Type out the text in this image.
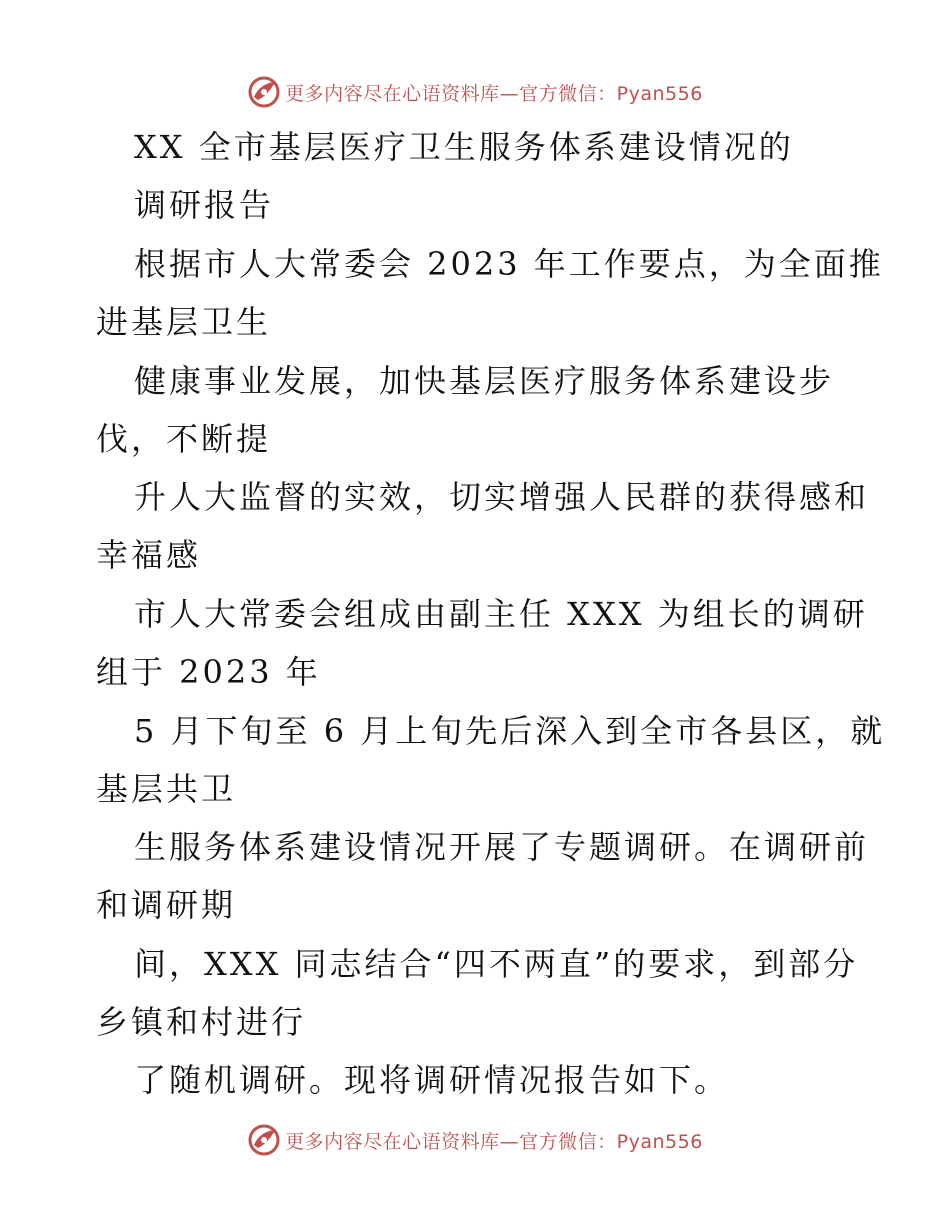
更多内容尽在心语资料库—官方微信：Pyan556
XX 全市基层医疗卫生服务体系建设情况的
调研报告
根据市人大常委会 2023 年工作要点，为全面推
进基层卫生
健康事业发展，加快基层医疗服务体系建设步
伐，不断提
升人大监督的实效，切实增强人民群的获得感和
幸福感
市人大常委会组成由副主任 XXX 为组长的调研
组于 2023 年
5 月下旬至 6 月上旬先后深入到全市各县区，就
基层共卫
生服务体系建设情况开展了专题调研。在调研前
和调研期
间，XXX 同志结合“四不两直”的要求，到部分
乡镇和村进行
了随机调研。现将调研情况报告如下。
更多内容尽在心语资料库—官方微信：Pyan556
